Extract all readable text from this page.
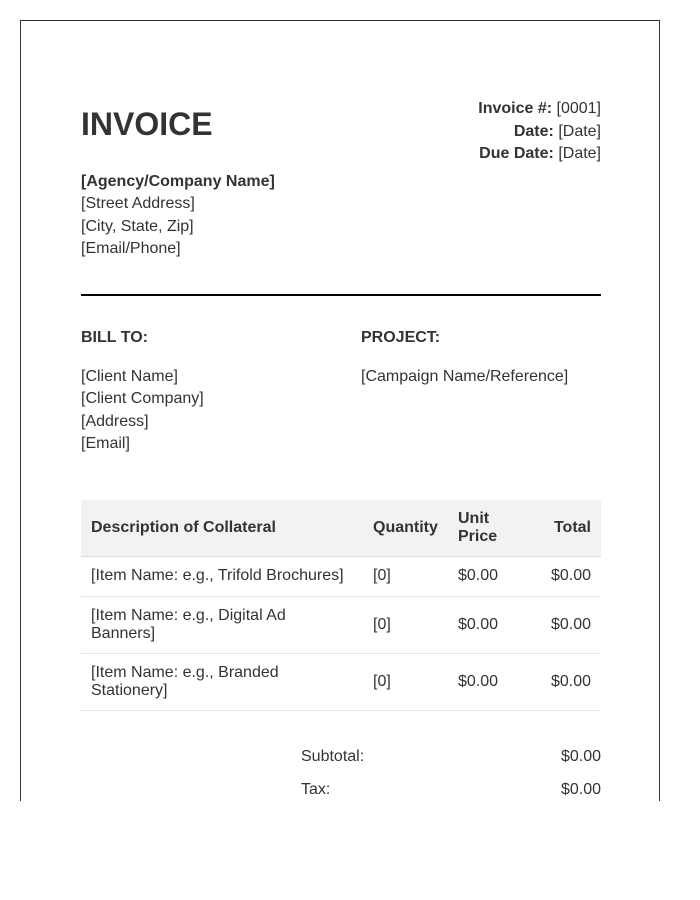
INVOICE	Invoice #: [0001]
Date: [Date]
Due Date: [Date]
[Agency/Company Name]
[Street Address]
[City, State, Zip]
[Email/Phone]
BILL TO:	PROJECT:
[Client Name]
[Client Company]
[Address]
[Email]
[Campaign Name/Reference]
Description of Collateral	Quantity	Unit Price	Total
[Item Name: e.g., Trifold Brochures]	[0]	$0.00	$0.00
[Item Name: e.g., Digital Ad Banners]	[0]	$0.00	$0.00
[Item Name: e.g., Branded Stationery]	[0]	$0.00	$0.00
Subtotal:	$0.00
Tax:	$0.00
